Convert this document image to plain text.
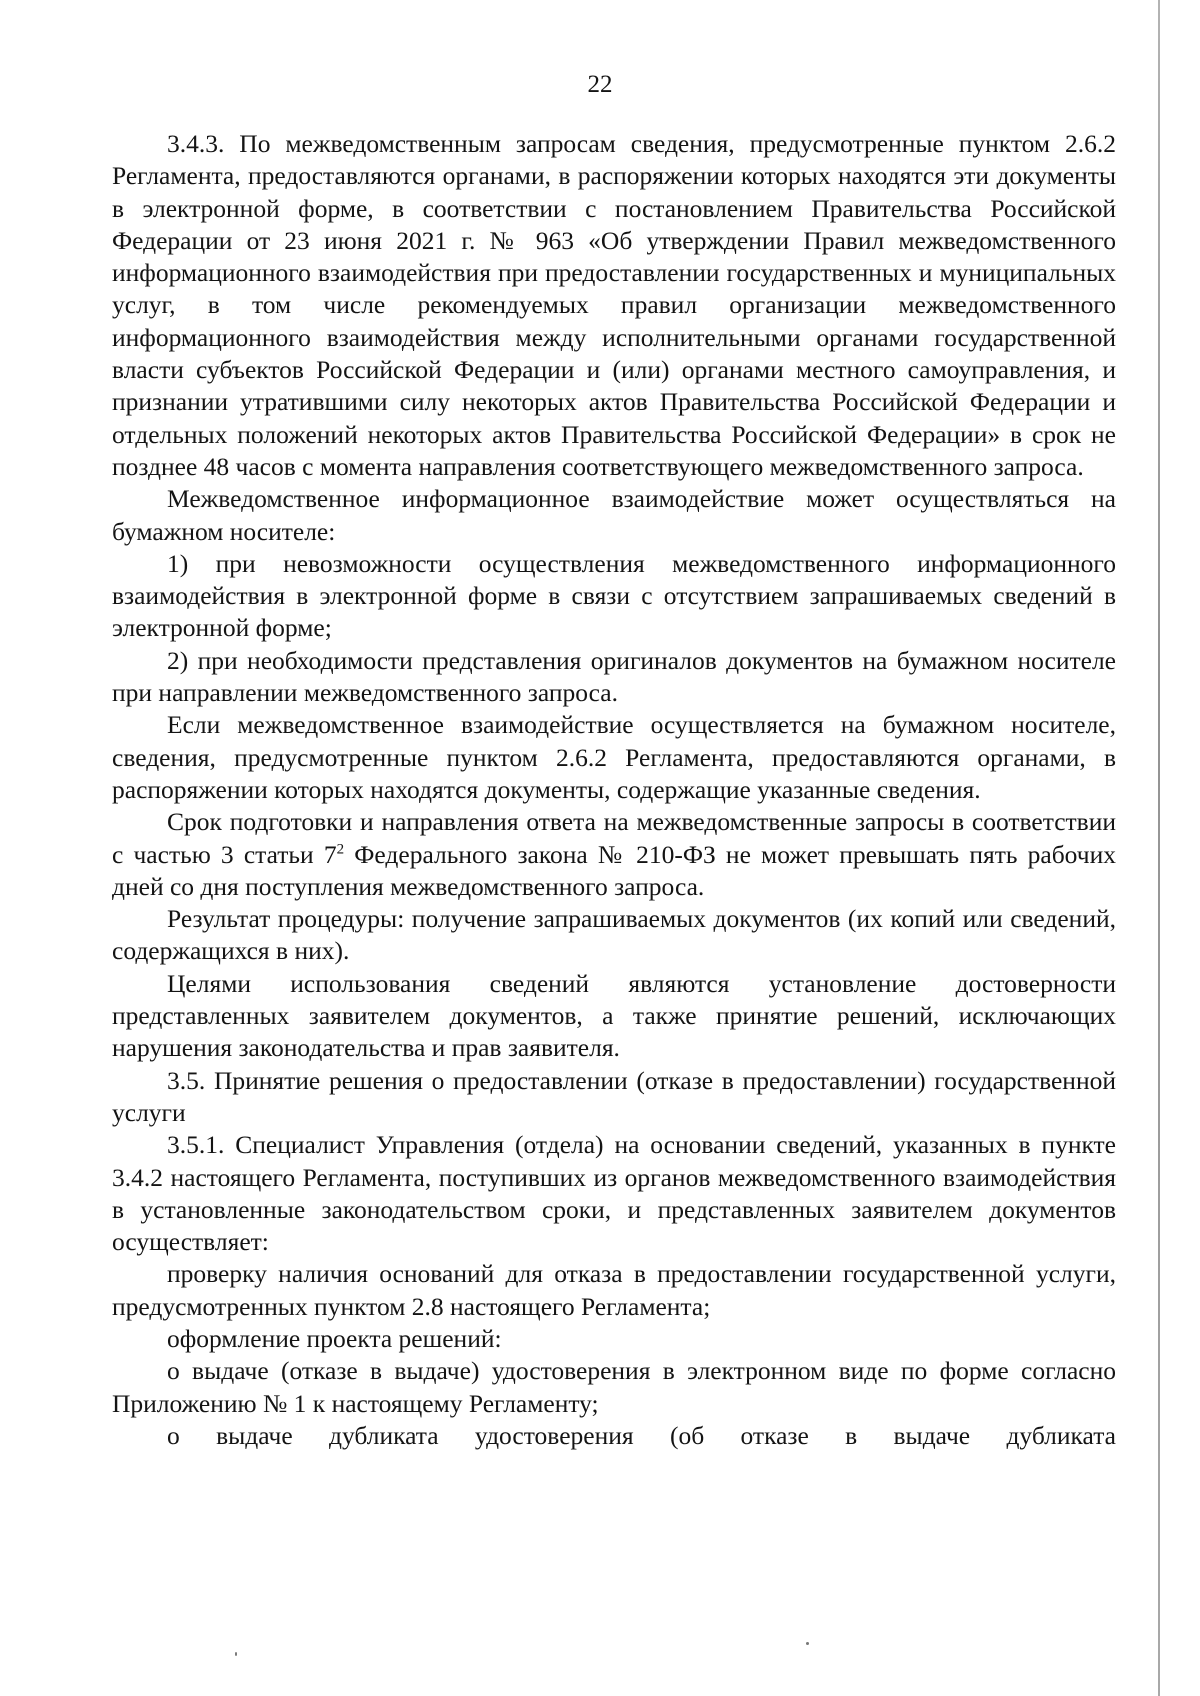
22

3.4.3. По межведомственным запросам сведения, предусмотренные пунктом 2.6.2 Регламента, предоставляются органами, в распоряжении которых находятся эти документы в электронной форме, в соответствии с постановлением Правительства Российской Федерации от 23 июня 2021 г. № 963 «Об утверждении Правил межведомственного информационного взаимодействия при предоставлении государственных и муниципальных услуг, в том числе рекомендуемых правил организации межведомственного информационного взаимодействия между исполнительными органами государственной власти субъектов Российской Федерации и (или) органами местного самоуправления, и признании утратившими силу некоторых актов Правительства Российской Федерации и отдельных положений некоторых актов Правительства Российской Федерации» в срок не позднее 48 часов с момента направления соответствующего межведомственного запроса.

Межведомственное информационное взаимодействие может осуществляться на бумажном носителе:

1) при невозможности осуществления межведомственного информационного взаимодействия в электронной форме в связи с отсутствием запрашиваемых сведений в электронной форме;

2) при необходимости представления оригиналов документов на бумажном носителе при направлении межведомственного запроса.

Если межведомственное взаимодействие осуществляется на бумажном носителе, сведения, предусмотренные пунктом 2.6.2 Регламента, предоставляются органами, в распоряжении которых находятся документы, содержащие указанные сведения.

Срок подготовки и направления ответа на межведомственные запросы в соответствии с частью 3 статьи $7^2$ Федерального закона № 210-ФЗ не может превышать пять рабочих дней со дня поступления межведомственного запроса.

Результат процедуры: получение запрашиваемых документов (их копий или сведений, содержащихся в них).

Целями использования сведений являются установление достоверности представленных заявителем документов, а также принятие решений, исключающих нарушения законодательства и прав заявителя.

3.5. Принятие решения о предоставлении (отказе в предоставлении) государственной услуги

3.5.1. Специалист Управления (отдела) на основании сведений, указанных в пункте 3.4.2 настоящего Регламента, поступивших из органов межведомственного взаимодействия в установленные законодательством сроки, и представленных заявителем документов осуществляет:

проверку наличия оснований для отказа в предоставлении государственной услуги, предусмотренных пунктом 2.8 настоящего Регламента;

оформление проекта решений:

о выдаче (отказе в выдаче) удостоверения в электронном виде по форме согласно Приложению № 1 к настоящему Регламенту;

о выдаче дубликата удостоверения (об отказе в выдаче дубликата
